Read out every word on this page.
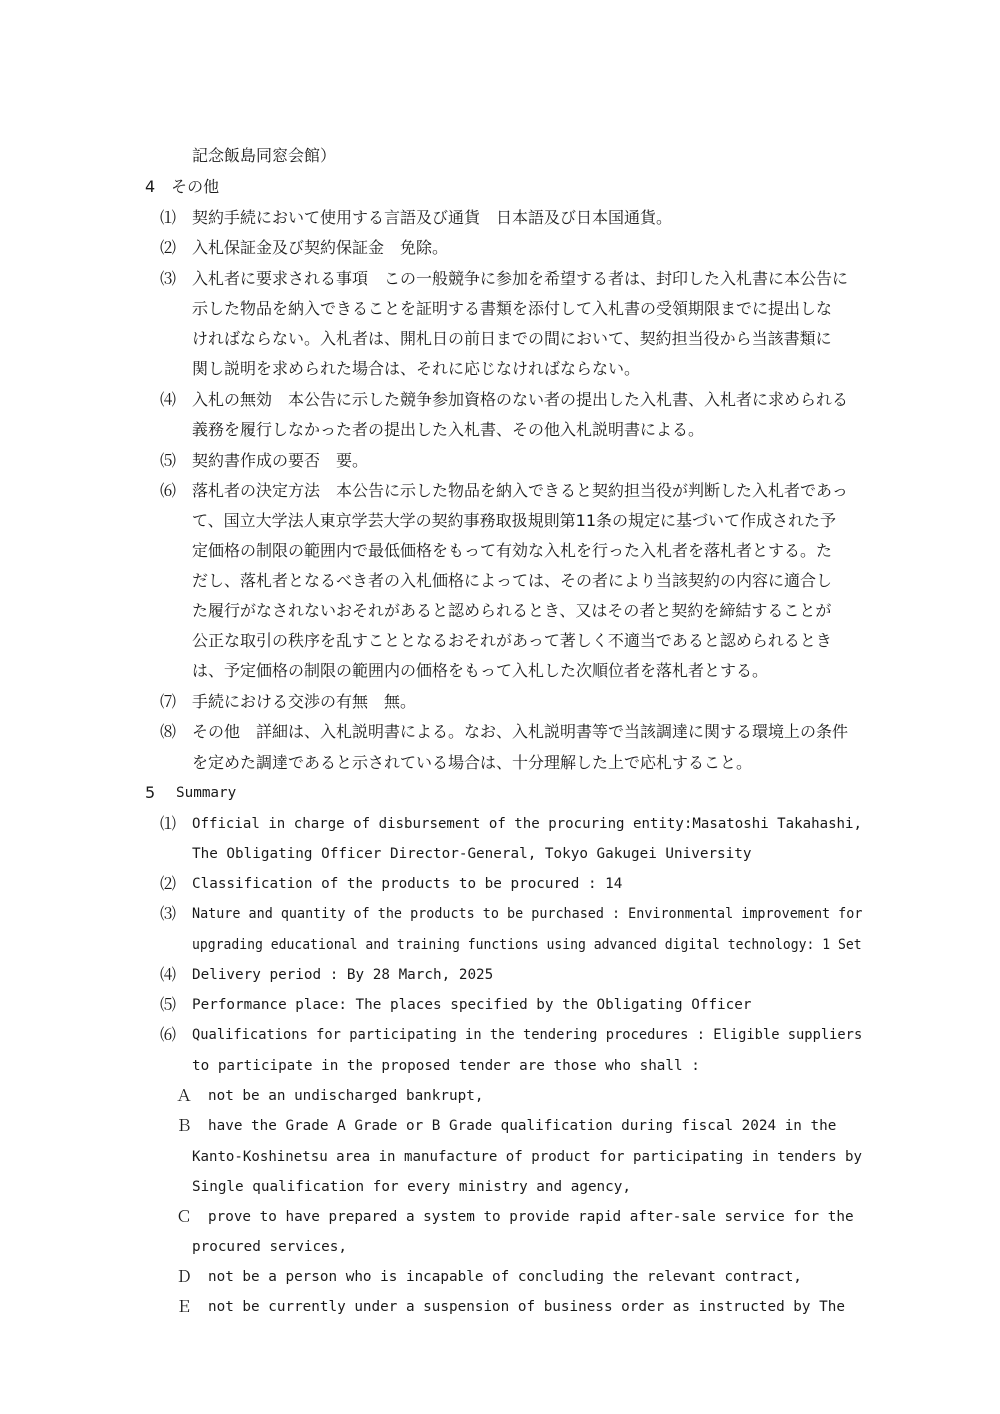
記念飯島同窓会館）
4　その他
⑴　契約手続において使用する言語及び通貨　日本語及び日本国通貨。
⑵　入札保証金及び契約保証金　免除。
⑶　入札者に要求される事項　この一般競争に参加を希望する者は、封印した入札書に本公告に
示した物品を納入できることを証明する書類を添付して入札書の受領期限までに提出しな
ければならない。入札者は、開札日の前日までの間において、契約担当役から当該書類に
関し説明を求められた場合は、それに応じなければならない。
⑷　入札の無効　本公告に示した競争参加資格のない者の提出した入札書、入札者に求められる
義務を履行しなかった者の提出した入札書、その他入札説明書による。
⑸　契約書作成の要否　要。
⑹　落札者の決定方法　本公告に示した物品を納入できると契約担当役が判断した入札者であっ
て、国立大学法人東京学芸大学の契約事務取扱規則第11条の規定に基づいて作成された予
定価格の制限の範囲内で最低価格をもって有効な入札を行った入札者を落札者とする。た
だし、落札者となるべき者の入札価格によっては、その者により当該契約の内容に適合し
た履行がなされないおそれがあると認められるとき、又はその者と契約を締結することが
公正な取引の秩序を乱すこととなるおそれがあって著しく不適当であると認められるとき
は、予定価格の制限の範囲内の価格をもって入札した次順位者を落札者とする。
⑺　手続における交渉の有無　無。
⑻　その他　詳細は、入札説明書による。なお、入札説明書等で当該調達に関する環境上の条件
を定めた調達であると示されている場合は、十分理解した上で応札すること。
5 Summary
⑴ Official in charge of disbursement of the procuring entity:Masatoshi Takahashi,
The Obligating Officer Director-General, Tokyo Gakugei University
⑵ Classification of the products to be procured : 14
⑶ Nature and quantity of the products to be purchased : Environmental improvement for
upgrading educational and training functions using advanced digital technology: 1 Set
⑷ Delivery period : By 28 March, 2025
⑸ Performance place: The places specified by the Obligating Officer
⑹ Qualifications for participating in the tendering procedures : Eligible suppliers
to participate in the proposed tender are those who shall :
Ａ not be an undischarged bankrupt,
Ｂ have the Grade A Grade or B Grade qualification during fiscal 2024 in the
Kanto-Koshinetsu area in manufacture of product for participating in tenders by
Single qualification for every ministry and agency,
Ｃ prove to have prepared a system to provide rapid after-sale service for the
procured services,
Ｄ not be a person who is incapable of concluding the relevant contract,
Ｅ not be currently under a suspension of business order as instructed by The
